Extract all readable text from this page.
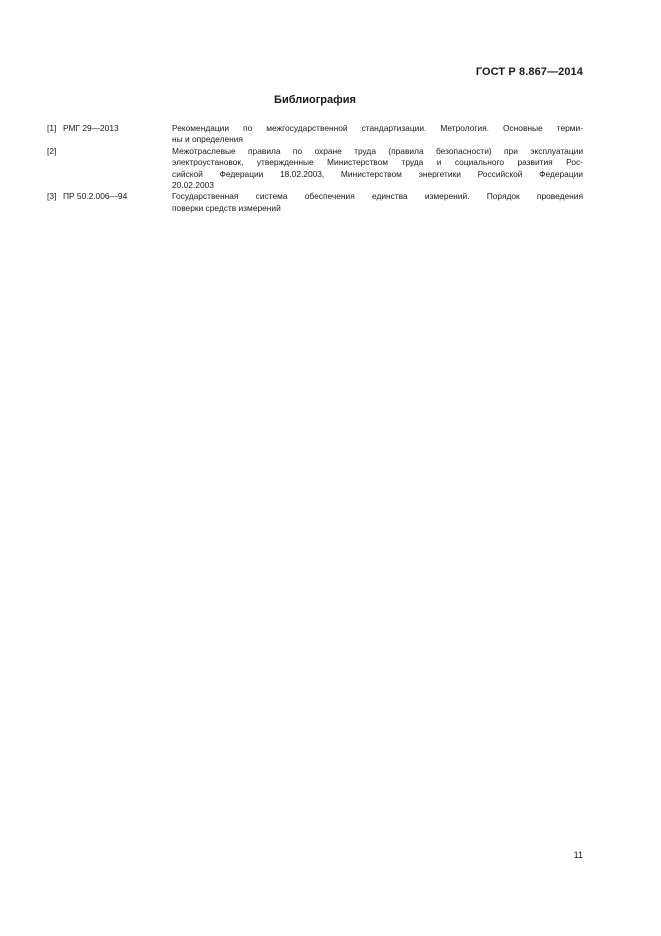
ГОСТ Р 8.867—2014
Библиография
[1] РМГ 29—2013	Рекомендации по межгосударственной стандартизации. Метрология. Основные терми-
ны и определения

[2]	Межотраслевые правила по охране труда (правила безопасности) при эксплуатации
электроустановок, утвержденные Министерством труда и социального развития Рос-
сийской Федерации 18.02.2003, Министерством энергетики Российской Федерации
20.02.2003

[3] ПР 50.2.006—94	Государственная система обеспечения единства измерений. Порядок проведения
поверки средств измерений

11
